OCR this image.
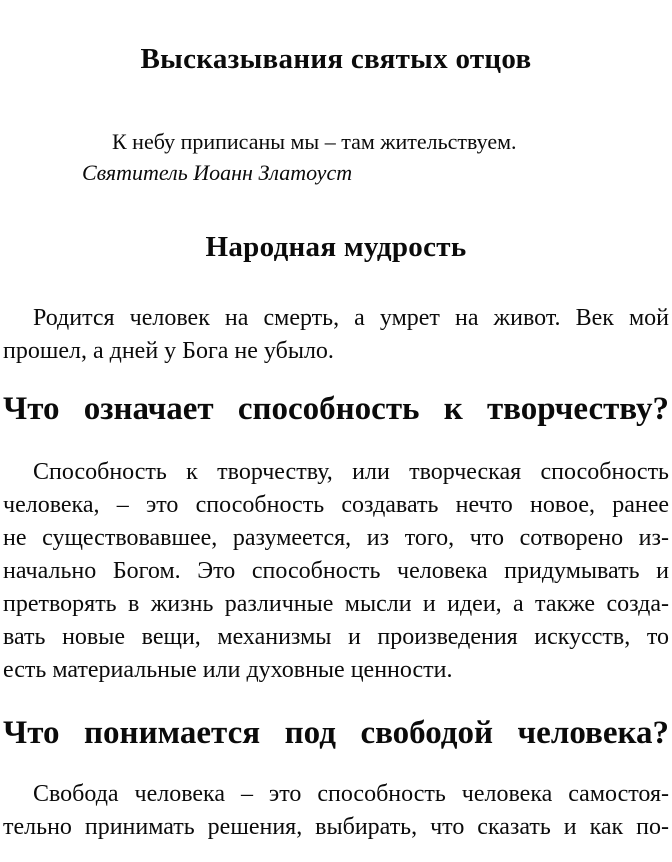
Высказывания святых отцов
К небу приписаны мы – там жительствуем.
Святитель Иоанн Златоуст
Народная мудрость
Родится человек на смерть, а умрет на живот. Век мой
прошел, а дней у Бога не убыло.
Что означает способность к творчеству?
Способность к творчеству, или творческая способность
человека, – это способность создавать нечто новое, ранее
не существовавшее, разумеется, из того, что сотворено из-
начально Богом. Это способность человека придумывать и
претворять в жизнь различные мысли и идеи, а также созда-
вать новые вещи, механизмы и произведения искусств, то
есть материальные или духовные ценности.
Что понимается под свободой человека?
Свобода человека – это способность человека самостоя-
тельно принимать решения, выбирать, что сказать и как по-
